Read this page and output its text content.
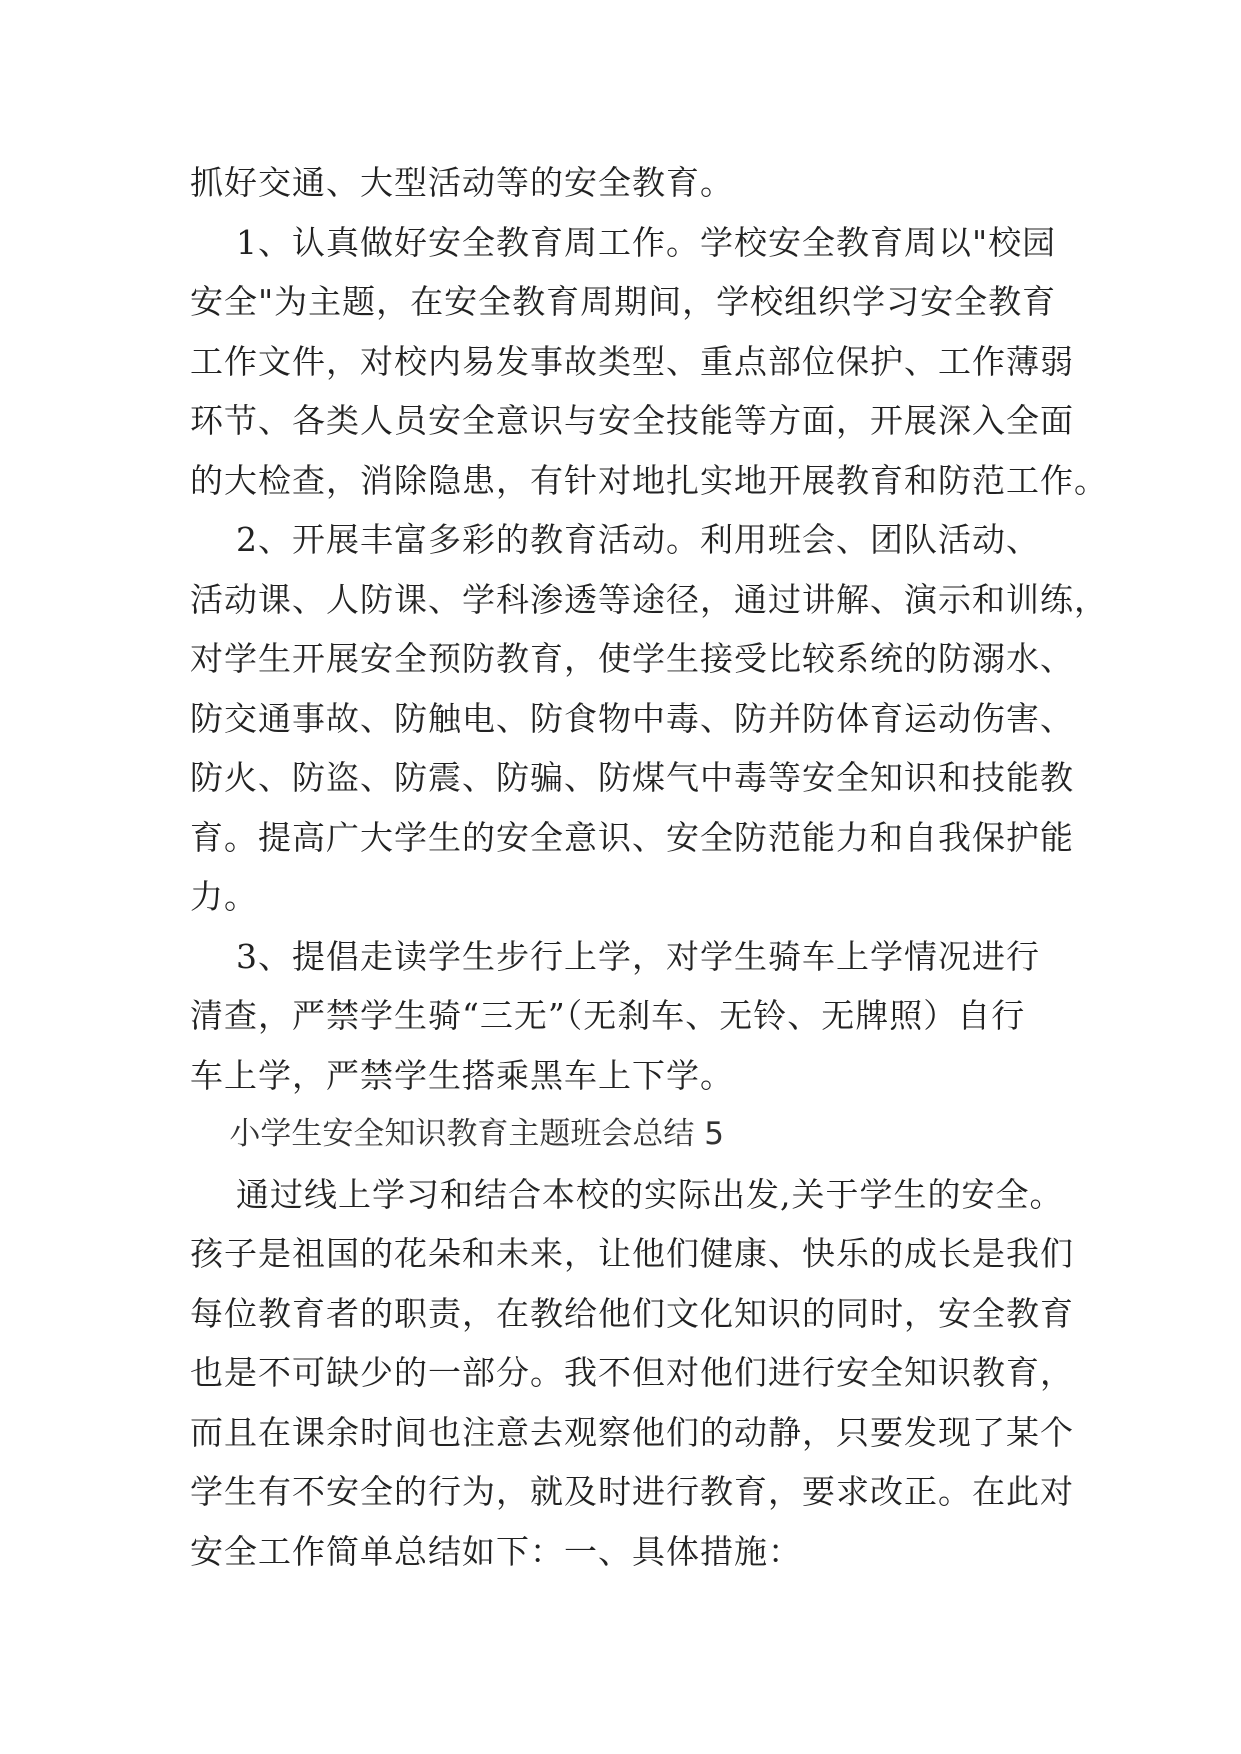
抓好交通、大型活动等的安全教育。
1、认真做好安全教育周工作。学校安全教育周以"校园
安全"为主题，在安全教育周期间，学校组织学习安全教育
工作文件，对校内易发事故类型、重点部位保护、工作薄弱
环节、各类人员安全意识与安全技能等方面，开展深入全面
的大检查，消除隐患，有针对地扎实地开展教育和防范工作。
2、开展丰富多彩的教育活动。利用班会、团队活动、
活动课、人防课、学科渗透等途径，通过讲解、演示和训练，
对学生开展安全预防教育，使学生接受比较系统的防溺水、
防交通事故、防触电、防食物中毒、防并防体育运动伤害、
防火、防盗、防震、防骗、防煤气中毒等安全知识和技能教
育。提高广大学生的安全意识、安全防范能力和自我保护能
力。
3、提倡走读学生步行上学，对学生骑车上学情况进行
清查，严禁学生骑“三无”（无刹车、无铃、无牌照）自行
车上学，严禁学生搭乘黑车上下学。
小学生安全知识教育主题班会总结 5
通过线上学习和结合本校的实际出发,关于学生的安全。
孩子是祖国的花朵和未来，让他们健康、快乐的成长是我们
每位教育者的职责，在教给他们文化知识的同时，安全教育
也是不可缺少的一部分。我不但对他们进行安全知识教育，
而且在课余时间也注意去观察他们的动静，只要发现了某个
学生有不安全的行为，就及时进行教育，要求改正。在此对
安全工作简单总结如下：一、具体措施：
